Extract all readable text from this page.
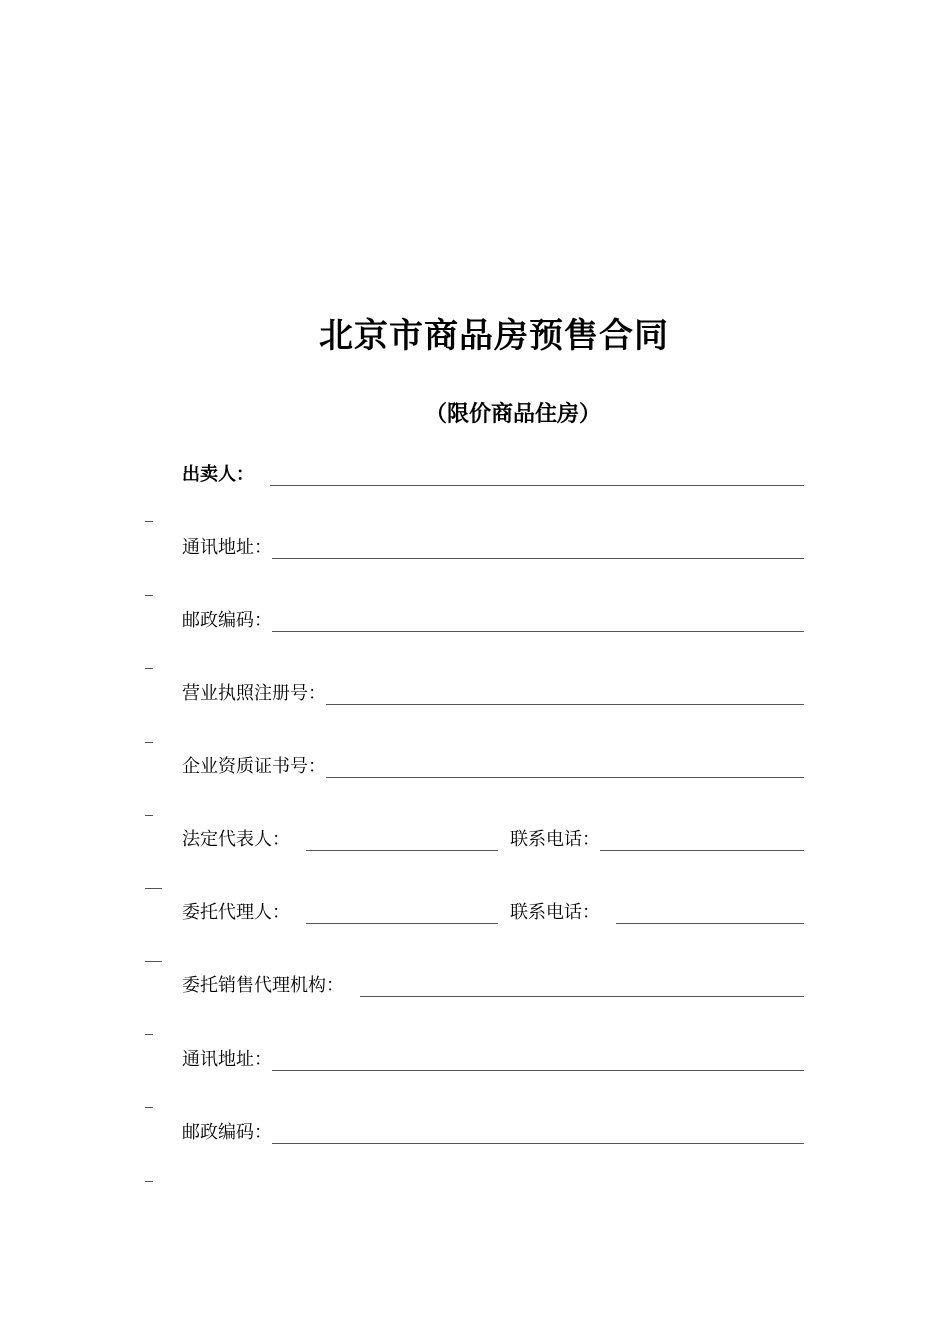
北京市商品房预售合同
（限价商品住房）
出卖人：
通讯地址：
邮政编码：
营业执照注册号：
企业资质证书号：
法定代表人：	联系电话：
委托代理人：	联系电话：
委托销售代理机构：
通讯地址：
邮政编码：
